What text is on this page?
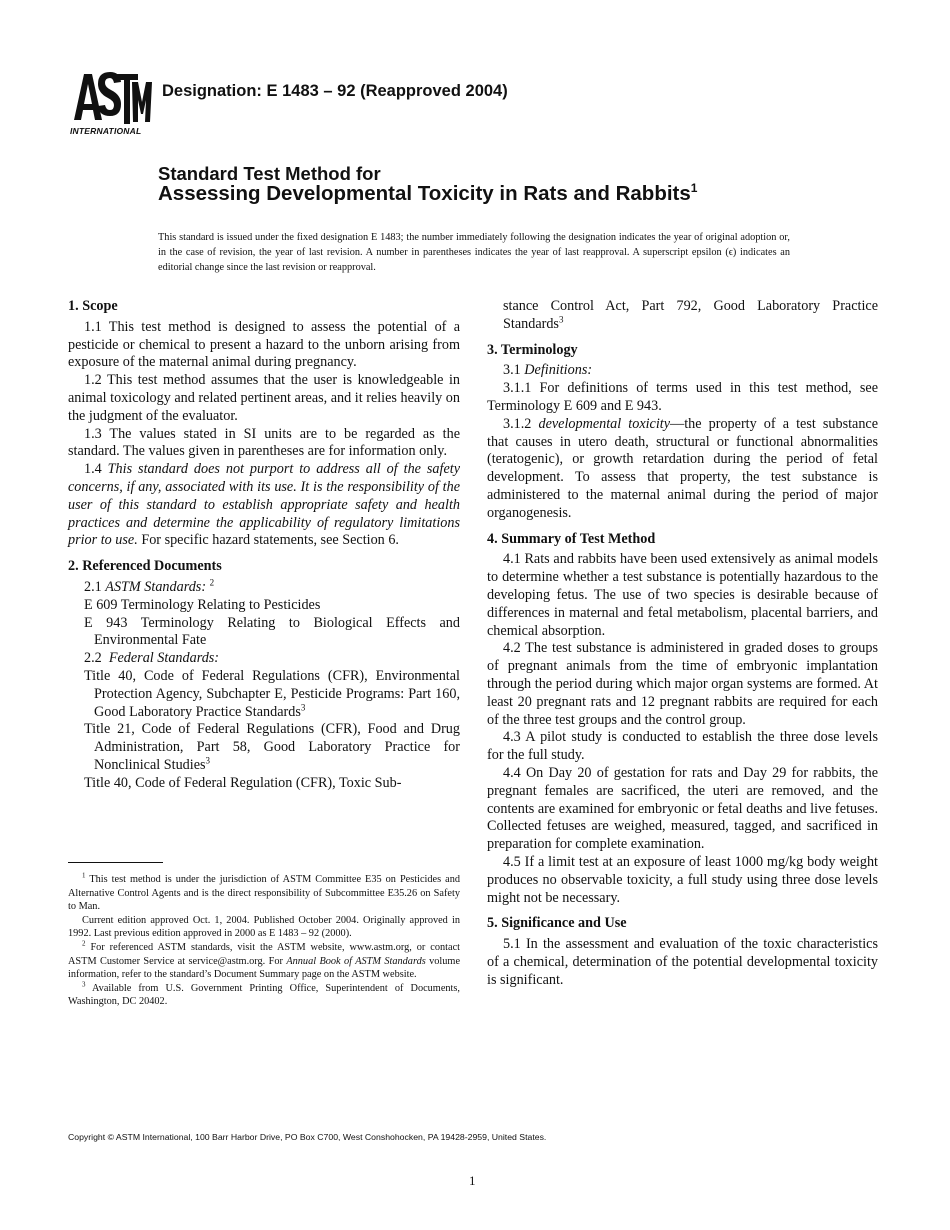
INTERNATIONAL
Designation: E 1483 – 92 (Reapproved 2004)
Standard Test Method for
Assessing Developmental Toxicity in Rats and Rabbits$^1$
This standard is issued under the fixed designation E 1483; the number immediately following the designation indicates the year of original adoption or, in the case of revision, the year of last revision. A number in parentheses indicates the year of last reapproval. A superscript epsilon (ϵ) indicates an editorial change since the last revision or reapproval.

1. Scope

1.1 This test method is designed to assess the potential of a pesticide or chemical to present a hazard to the unborn arising from exposure of the maternal animal during pregnancy.

1.2 This test method assumes that the user is knowledgeable in animal toxicology and related pertinent areas, and it relies heavily on the judgment of the evaluator.

1.3 The values stated in SI units are to be regarded as the standard. The values given in parentheses are for information only.

1.4 This standard does not purport to address all of the safety concerns, if any, associated with its use. It is the responsibility of the user of this standard to establish appropriate safety and health practices and determine the applicability of regulatory limitations prior to use. For specific hazard statements, see Section 6.

2. Referenced Documents

2.1 ASTM Standards: $^2$

E 609 Terminology Relating to Pesticides

E 943 Terminology Relating to Biological Effects and Environmental Fate

2.2 Federal Standards:

Title 40, Code of Federal Regulations (CFR), Environmental Protection Agency, Subchapter E, Pesticide Programs: Part 160, Good Laboratory Practice Standards$^3$

Title 21, Code of Federal Regulations (CFR), Food and Drug Administration, Part 58, Good Laboratory Practice for Nonclinical Studies$^3$

Title 40, Code of Federal Regulation (CFR), Toxic Sub-

$^1$ This test method is under the jurisdiction of ASTM Committee E35 on Pesticides and Alternative Control Agents and is the direct responsibility of Subcommittee E35.26 on Safety to Man.

Current edition approved Oct. 1, 2004. Published October 2004. Originally approved in 1992. Last previous edition approved in 2000 as E 1483 – 92 (2000).

$^2$ For referenced ASTM standards, visit the ASTM website, www.astm.org, or contact ASTM Customer Service at service@astm.org. For Annual Book of ASTM Standards volume information, refer to the standard’s Document Summary page on the ASTM website.

$^3$ Available from U.S. Government Printing Office, Superintendent of Documents, Washington, DC 20402.

stance Control Act, Part 792, Good Laboratory Practice Standards$^3$

3. Terminology

3.1 Definitions:

3.1.1 For definitions of terms used in this test method, see Terminology E 609 and E 943.

3.1.2 developmental toxicity—the property of a test substance that causes in utero death, structural or functional abnormalities (teratogenic), or growth retardation during the period of fetal development. To assess that property, the test substance is administered to the maternal animal during the period of major organogenesis.

4. Summary of Test Method

4.1 Rats and rabbits have been used extensively as animal models to determine whether a test substance is potentially hazardous to the developing fetus. The use of two species is desirable because of differences in maternal and fetal metabolism, placental barriers, and chemical absorption.

4.2 The test substance is administered in graded doses to groups of pregnant animals from the time of embryonic implantation through the period during which major organ systems are formed. At least 20 pregnant rats and 12 pregnant rabbits are required for each of the three test groups and the control group.

4.3 A pilot study is conducted to establish the three dose levels for the full study.

4.4 On Day 20 of gestation for rats and Day 29 for rabbits, the pregnant females are sacrificed, the uteri are removed, and the contents are examined for embryonic or fetal deaths and live fetuses. Collected fetuses are weighed, measured, tagged, and sacrificed in preparation for complete examination.

4.5 If a limit test at an exposure of least 1000 mg/kg body weight produces no observable toxicity, a full study using three dose levels might not be necessary.

5. Significance and Use

5.1 In the assessment and evaluation of the toxic characteristics of a chemical, determination of the potential developmental toxicity is significant.

Copyright © ASTM International, 100 Barr Harbor Drive, PO Box C700, West Conshohocken, PA 19428-2959, United States.
1
